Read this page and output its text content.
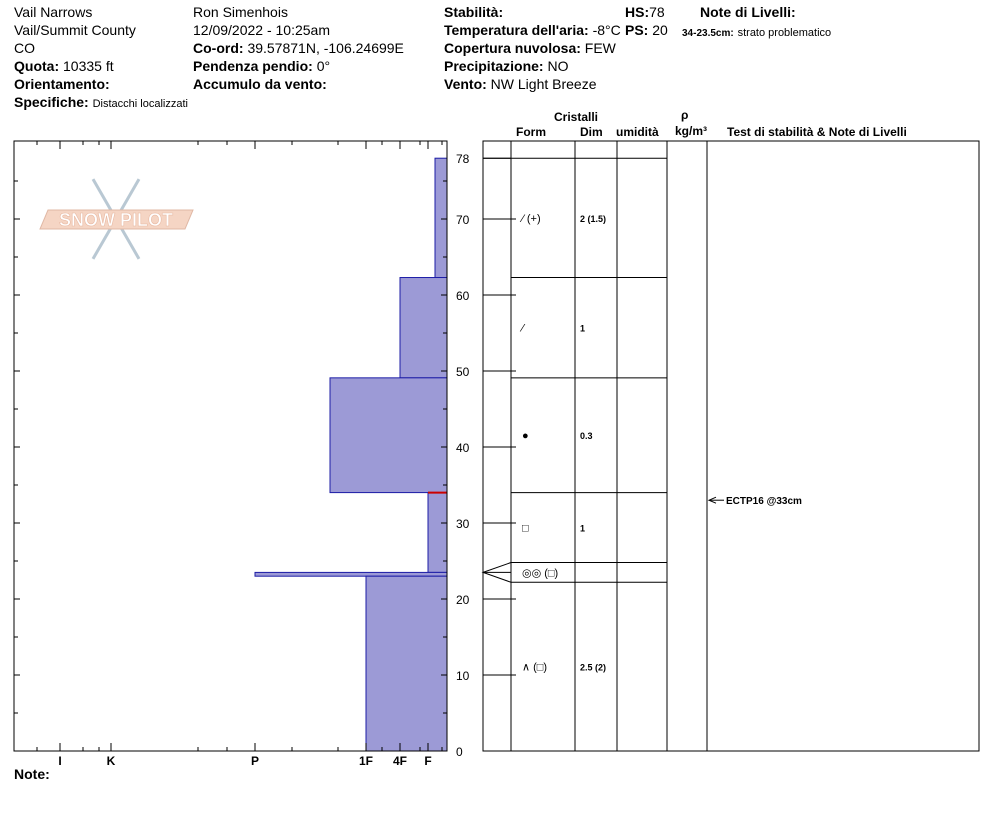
Vail Narrows
Vail/Summit County
CO
Quota: 10335 ft
Orientamento:
Specifiche: Distacchi localizzati
Ron Simenhois
12/09/2022 - 10:25am
Co-ord: 39.57871N, -106.24699E
Pendenza pendio: 0°
Accumulo da vento:
Stabilità:
Temperatura dell'aria: -8°C
Copertura nuvolosa: FEW
Precipitazione: NO
Vento: NW Light Breeze
HS:78
PS: 20
Note di Livelli:
34-23.5cm: strato problematico
Cristalli
Form	Dim umidità
ρ
kg/m³ Test di stabilità & Note di Livelli
Note:
SNOW PILOT
0
10
20
30
40
50
60
70
78
I	K	P	1F 4F F
⁄ (+)	2 (1.5)
⁄	1
●	0.3
□	1
◎◎ (□)
∧ (□)	2.5 (2)
ECTP16 @33cm
